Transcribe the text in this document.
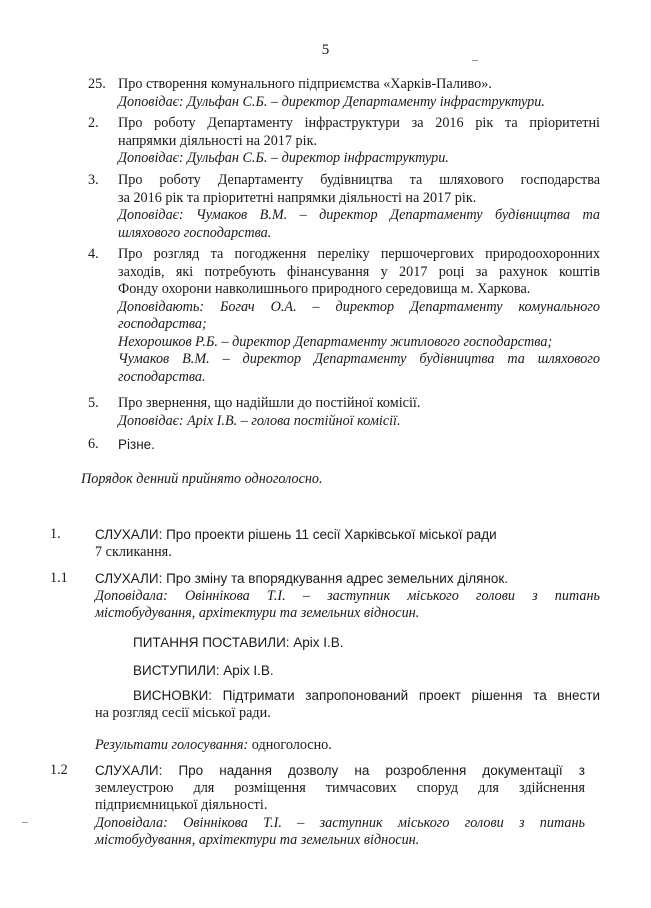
5
25. Про створення комунального підприємства «Харків-Паливо».
Доповідає: Дульфан С.Б. – директор Департаменту інфраструктури.
2. Про роботу Департаменту інфраструктури за 2016 рік та пріоритетні
напрямки діяльності на 2017 рік.
Доповідає: Дульфан С.Б. – директор інфраструктури.
3. Про роботу Департаменту будівництва та шляхового господарства
за 2016 рік та пріоритетні напрямки діяльності на 2017 рік.
Доповідає: Чумаков В.М. – директор Департаменту будівництва та
шляхового господарства.
4. Про розгляд та погодження переліку першочергових природоохоронних
заходів, які потребують фінансування у 2017 році за рахунок коштів
Фонду охорони навколишнього природного середовища м. Харкова.
Доповідають: Богач О.А. – директор Департаменту комунального
господарства;
Нехорошков Р.Б. – директор Департаменту житлового господарства;
Чумаков В.М. – директор Департаменту будівництва та шляхового
господарства.
5. Про звернення, що надійшли до постійної комісії.
Доповідає: Аріх І.В. – голова постійної комісії.
6. Різне.
Порядок денний прийнято одноголосно.
1.	СЛУХАЛИ: Про проекти рішень 11 сесії Харківської міської ради
7 скликання.
1.1 СЛУХАЛИ: Про зміну та впорядкування адрес земельних ділянок.
Доповідала: Овіннікова Т.І. – заступник міського голови з питань
містобудування, архітектури та земельних відносин.
ПИТАННЯ ПОСТАВИЛИ: Аріх І.В.
ВИСТУПИЛИ: Аріх І.В.
ВИСНОВКИ: Підтримати запропонований проект рішення та внести
на розгляд сесії міської ради.
Результати голосування: одноголосно.
1.2 СЛУХАЛИ: Про надання дозволу на розроблення документації з
землеустрою для розміщення тимчасових споруд для здійснення
підприємницької діяльності.
Доповідала: Овіннікова Т.І. – заступник міського голови з питань
містобудування, архітектури та земельних відносин.
